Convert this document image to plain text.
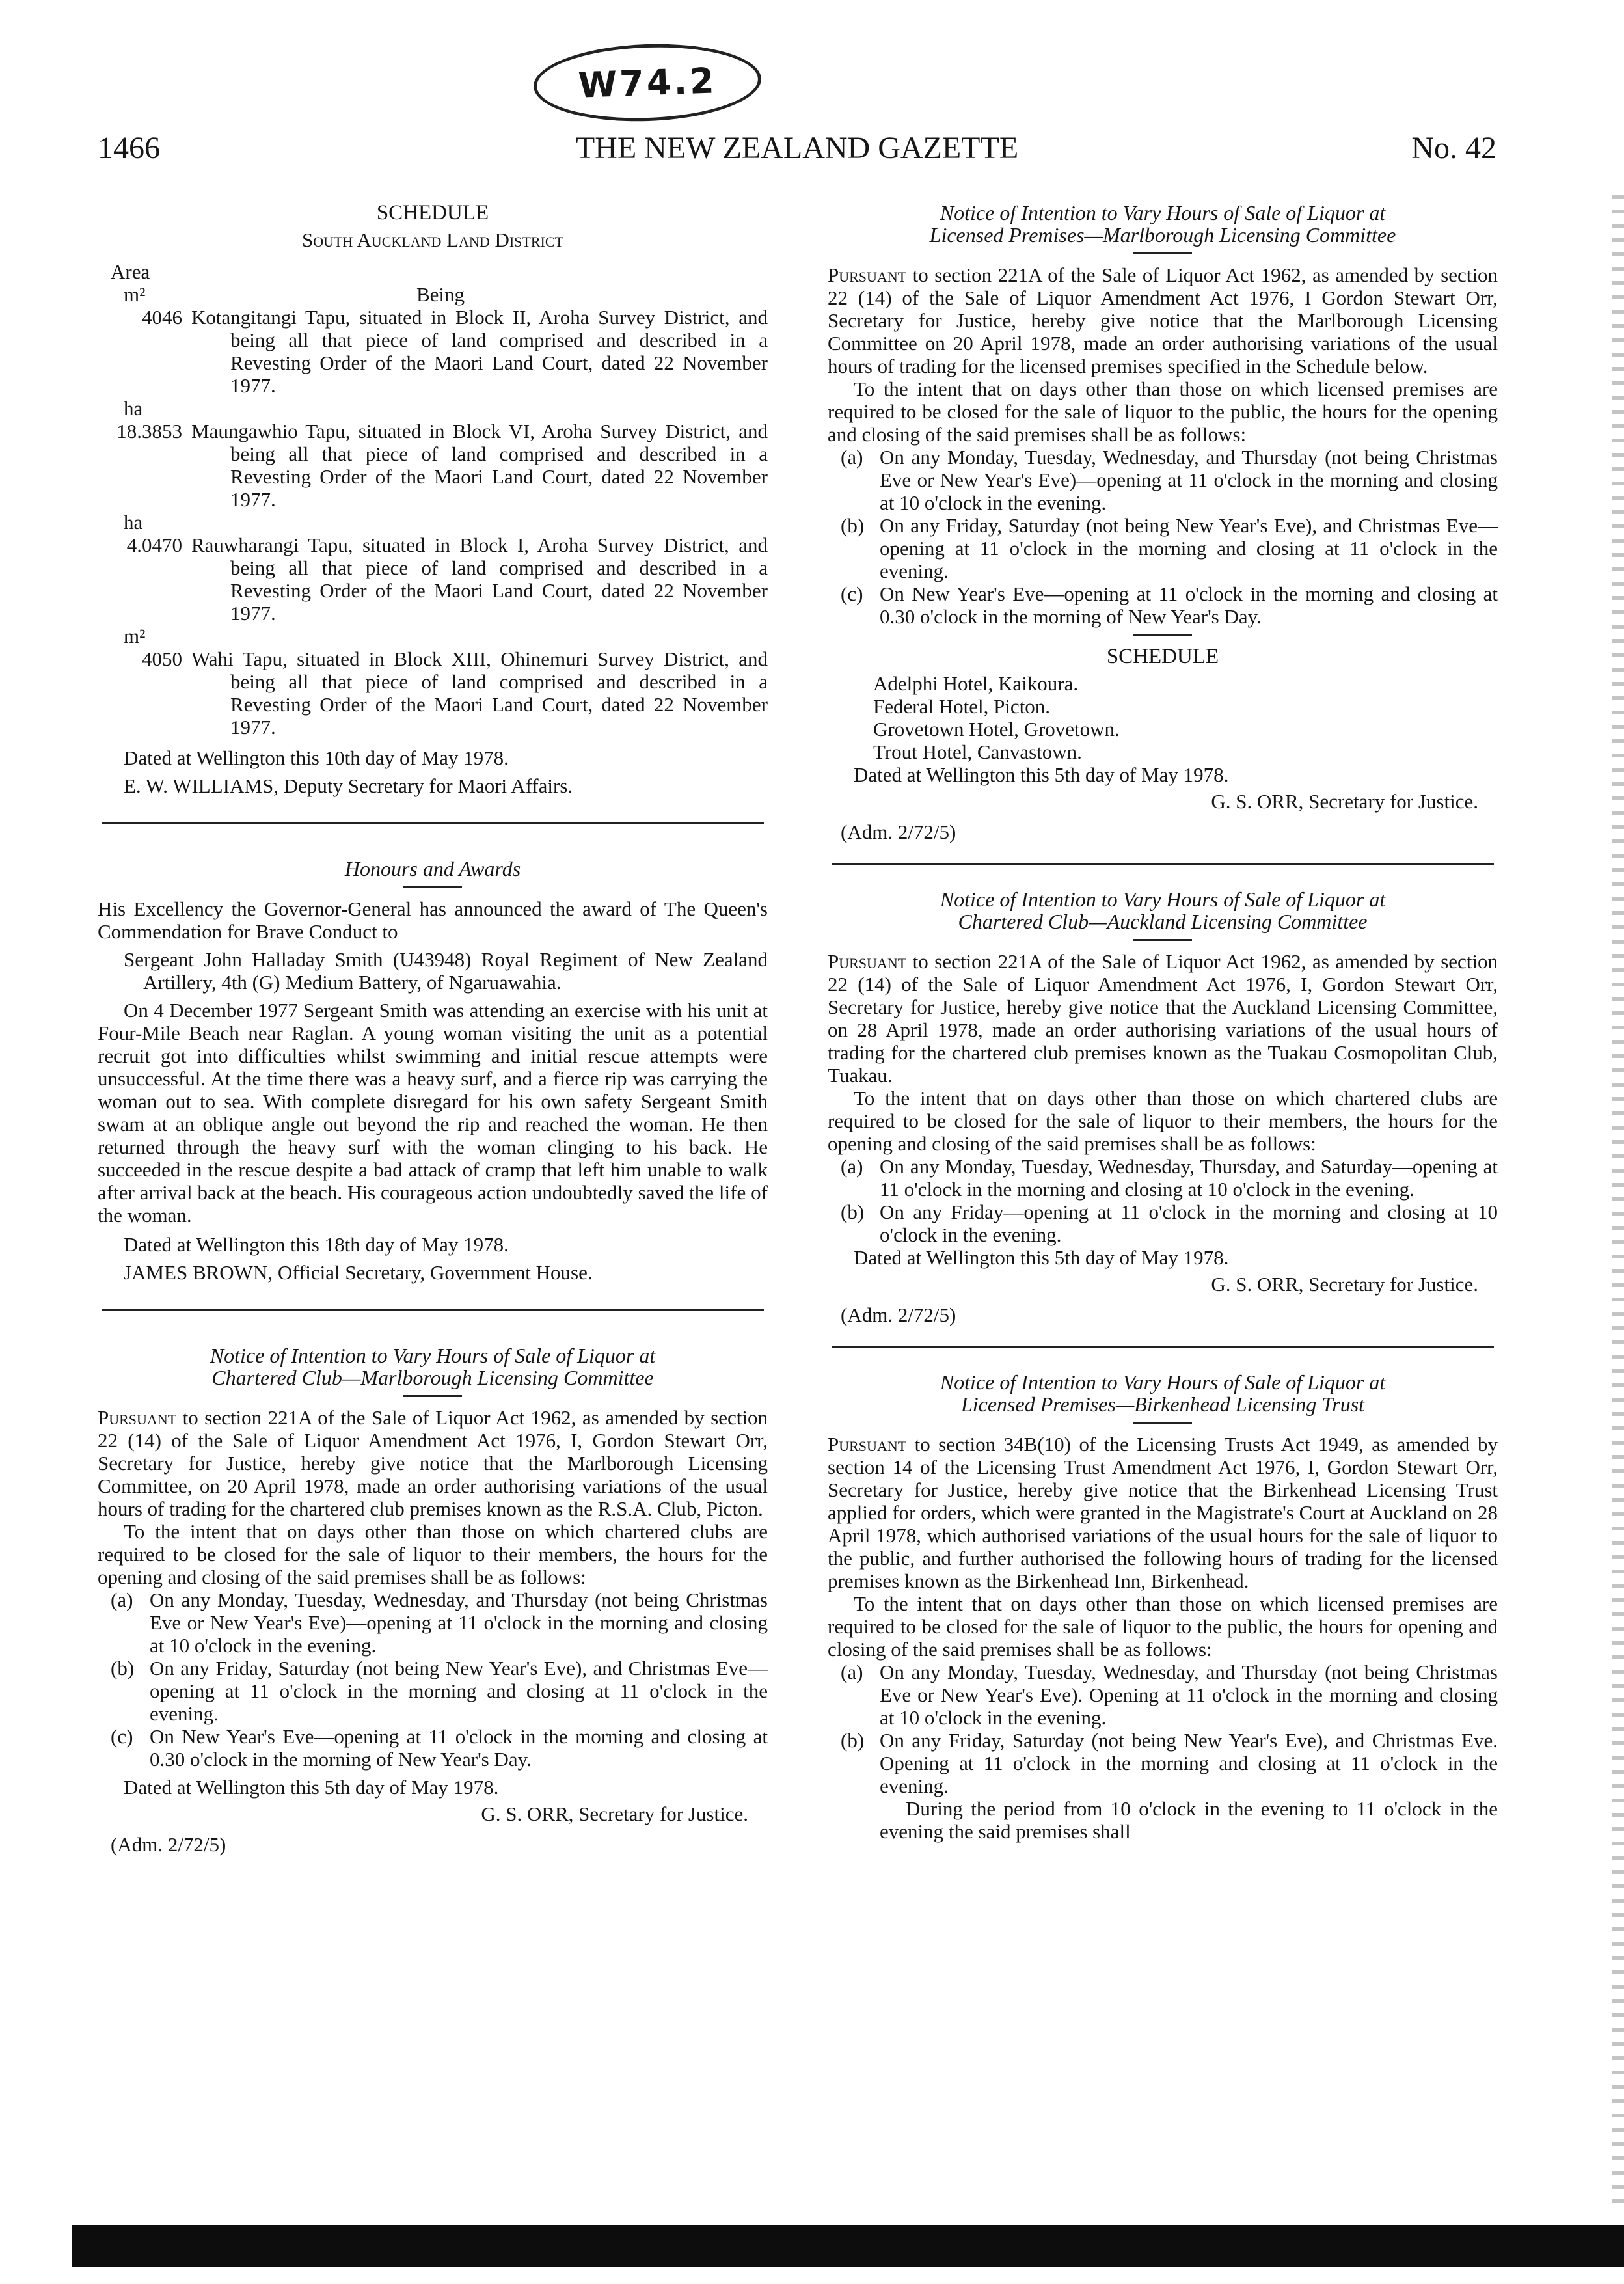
W74.2
1466	THE NEW ZEALAND GAZETTE	No. 42
SCHEDULE
South Auckland Land District
Area
m²	Being
4046 Kotangitangi Tapu, situated in Block II, Aroha Survey District, and being all that piece of land comprised and described in a Revesting Order of the Maori Land Court, dated 22 November 1977.
ha
18.3853 Maungawhio Tapu, situated in Block VI, Aroha Survey District, and being all that piece of land comprised and described in a Revesting Order of the Maori Land Court, dated 22 November 1977.
ha
4.0470 Rauwharangi Tapu, situated in Block I, Aroha Survey District, and being all that piece of land comprised and described in a Revesting Order of the Maori Land Court, dated 22 November 1977.
m²
4050 Wahi Tapu, situated in Block XIII, Ohinemuri Survey District, and being all that piece of land comprised and described in a Revesting Order of the Maori Land Court, dated 22 November 1977.

Dated at Wellington this 10th day of May 1978.

E. W. WILLIAMS, Deputy Secretary for Maori Affairs.

Honours and Awards

His Excellency the Governor-General has announced the award of The Queen's Commendation for Brave Conduct to

Sergeant John Halladay Smith (U43948) Royal Regiment of New Zealand Artillery, 4th (G) Medium Battery, of Ngaruawahia.

On 4 December 1977 Sergeant Smith was attending an exercise with his unit at Four-Mile Beach near Raglan. A young woman visiting the unit as a potential recruit got into difficulties whilst swimming and initial rescue attempts were unsuccessful. At the time there was a heavy surf, and a fierce rip was carrying the woman out to sea. With complete disregard for his own safety Sergeant Smith swam at an oblique angle out beyond the rip and reached the woman. He then returned through the heavy surf with the woman clinging to his back. He succeeded in the rescue despite a bad attack of cramp that left him unable to walk after arrival back at the beach. His courageous action undoubtedly saved the life of the woman.

Dated at Wellington this 18th day of May 1978.

JAMES BROWN, Official Secretary, Government House.

Notice of Intention to Vary Hours of Sale of Liquor at
Chartered Club—Marlborough Licensing Committee

Pursuant to section 221A of the Sale of Liquor Act 1962, as amended by section 22 (14) of the Sale of Liquor Amendment Act 1976, I, Gordon Stewart Orr, Secretary for Justice, hereby give notice that the Marlborough Licensing Committee, on 20 April 1978, made an order authorising variations of the usual hours of trading for the chartered club premises known as the R.S.A. Club, Picton.

To the intent that on days other than those on which chartered clubs are required to be closed for the sale of liquor to their members, the hours for the opening and closing of the said premises shall be as follows:

(a) On any Monday, Tuesday, Wednesday, and Thursday (not being Christmas Eve or New Year's Eve)—opening at 11 o'clock in the morning and closing at 10 o'clock in the evening.
(b) On any Friday, Saturday (not being New Year's Eve), and Christmas Eve—opening at 11 o'clock in the morning and closing at 11 o'clock in the evening.
(c) On New Year's Eve—opening at 11 o'clock in the morning and closing at 0.30 o'clock in the morning of New Year's Day.

Dated at Wellington this 5th day of May 1978.

G. S. ORR, Secretary for Justice.

(Adm. 2/72/5)

Notice of Intention to Vary Hours of Sale of Liquor at
Licensed Premises—Marlborough Licensing Committee

Pursuant to section 221A of the Sale of Liquor Act 1962, as amended by section 22 (14) of the Sale of Liquor Amendment Act 1976, I Gordon Stewart Orr, Secretary for Justice, hereby give notice that the Marlborough Licensing Committee on 20 April 1978, made an order authorising variations of the usual hours of trading for the licensed premises specified in the Schedule below.

To the intent that on days other than those on which licensed premises are required to be closed for the sale of liquor to the public, the hours for the opening and closing of the said premises shall be as follows:

(a) On any Monday, Tuesday, Wednesday, and Thursday (not being Christmas Eve or New Year's Eve)—opening at 11 o'clock in the morning and closing at 10 o'clock in the evening.
(b) On any Friday, Saturday (not being New Year's Eve), and Christmas Eve—opening at 11 o'clock in the morning and closing at 11 o'clock in the evening.
(c) On New Year's Eve—opening at 11 o'clock in the morning and closing at 0.30 o'clock in the morning of New Year's Day.
SCHEDULE
Adelphi Hotel, Kaikoura.
Federal Hotel, Picton.
Grovetown Hotel, Grovetown.
Trout Hotel, Canvastown.

Dated at Wellington this 5th day of May 1978.

G. S. ORR, Secretary for Justice.

(Adm. 2/72/5)

Notice of Intention to Vary Hours of Sale of Liquor at
Chartered Club—Auckland Licensing Committee

Pursuant to section 221A of the Sale of Liquor Act 1962, as amended by section 22 (14) of the Sale of Liquor Amendment Act 1976, I, Gordon Stewart Orr, Secretary for Justice, hereby give notice that the Auckland Licensing Committee, on 28 April 1978, made an order authorising variations of the usual hours of trading for the chartered club premises known as the Tuakau Cosmopolitan Club, Tuakau.

To the intent that on days other than those on which chartered clubs are required to be closed for the sale of liquor to their members, the hours for the opening and closing of the said premises shall be as follows:

(a) On any Monday, Tuesday, Wednesday, Thursday, and Saturday—opening at 11 o'clock in the morning and closing at 10 o'clock in the evening.
(b) On any Friday—opening at 11 o'clock in the morning and closing at 10 o'clock in the evening.

Dated at Wellington this 5th day of May 1978.

G. S. ORR, Secretary for Justice.

(Adm. 2/72/5)

Notice of Intention to Vary Hours of Sale of Liquor at
Licensed Premises—Birkenhead Licensing Trust

Pursuant to section 34B(10) of the Licensing Trusts Act 1949, as amended by section 14 of the Licensing Trust Amendment Act 1976, I, Gordon Stewart Orr, Secretary for Justice, hereby give notice that the Birkenhead Licensing Trust applied for orders, which were granted in the Magistrate's Court at Auckland on 28 April 1978, which authorised variations of the usual hours for the sale of liquor to the public, and further authorised the following hours of trading for the licensed premises known as the Birkenhead Inn, Birkenhead.

To the intent that on days other than those on which licensed premises are required to be closed for the sale of liquor to the public, the hours for opening and closing of the said premises shall be as follows:

(a) On any Monday, Tuesday, Wednesday, and Thursday (not being Christmas Eve or New Year's Eve). Opening at 11 o'clock in the morning and closing at 10 o'clock in the evening.
(b) On any Friday, Saturday (not being New Year's Eve), and Christmas Eve. Opening at 11 o'clock in the morning and closing at 11 o'clock in the evening.

During the period from 10 o'clock in the evening to 11 o'clock in the evening the said premises shall
